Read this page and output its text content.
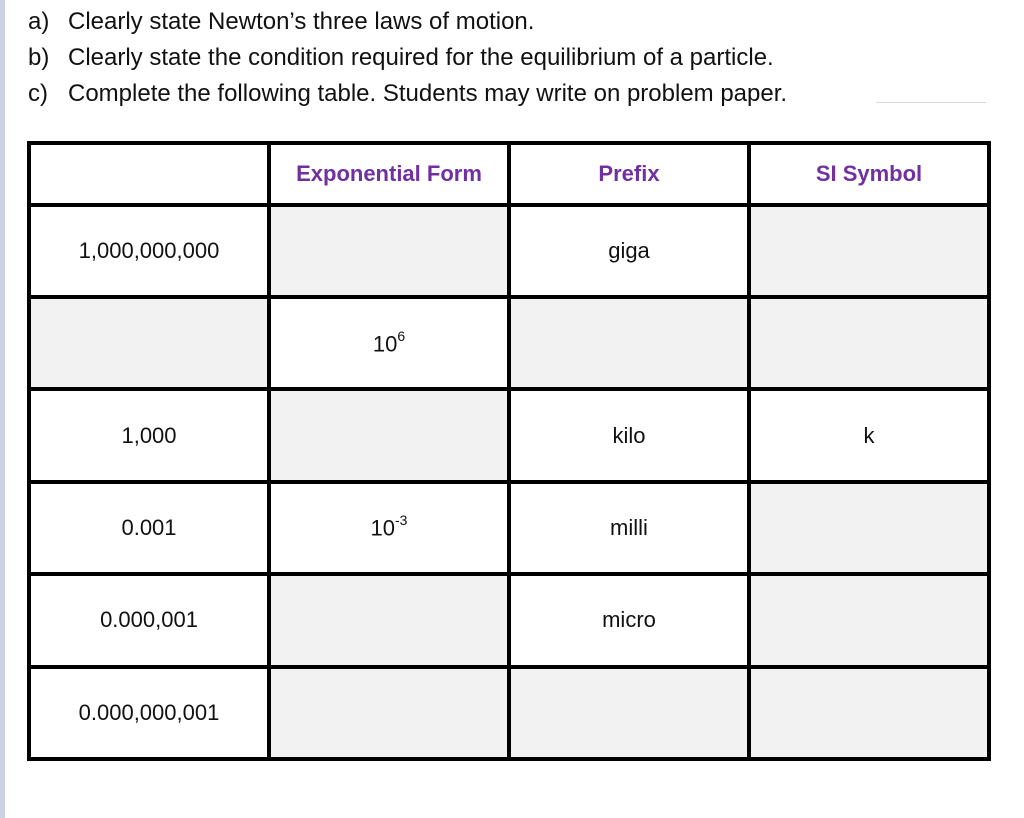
a) Clearly state Newton’s three laws of motion.
b) Clearly state the condition required for the equilibrium of a particle.
c) Complete the following table. Students may write on problem paper.
	Exponential Form	Prefix	SI Symbol
1,000,000,000		giga	
	$10^6$		
1,000		kilo	k
0.001	$10^{-3}$	milli	
0.000,001		micro	
0.000,000,001			
